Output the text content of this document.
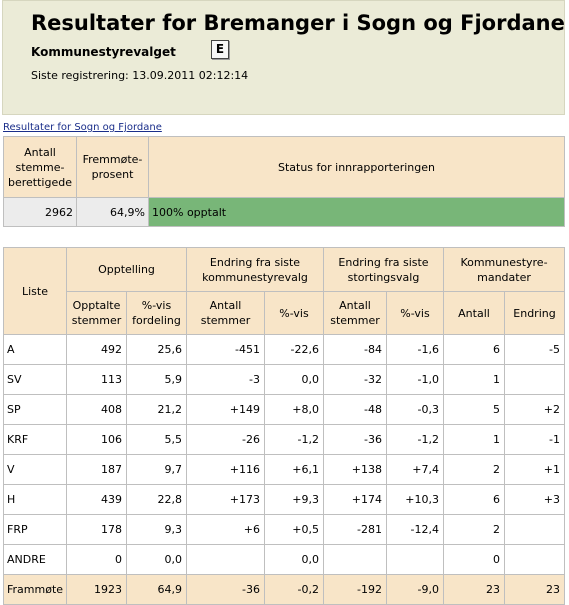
Resultater for Bremanger i Sogn og Fjordane
Kommunestyrevalget	E
Siste registrering: 13.09.2011 02:12:14
Resultater for Sogn og Fjordane
Antall stemme-berettigede	Fremmøte-prosent	Status for innrapporteringen
2962	64,9%	100% opptalt
Liste	Opptelling		Endring fra siste kommunestyrevalg		Endring fra siste stortingsvalg		Kommunestyre-mandater	
	Opptalte stemmer	%-vis fordeling	Antall stemmer	%-vis	Antall stemmer	%-vis	Antall	Endring
A	492	25,6	-451	-22,6	-84	-1,6	6	-5
SV	113	5,9	-3	0,0	-32	-1,0	1	
SP	408	21,2	+149	+8,0	-48	-0,3	5	+2
KRF	106	5,5	-26	-1,2	-36	-1,2	1	-1
V	187	9,7	+116	+6,1	+138	+7,4	2	+1
H	439	22,8	+173	+9,3	+174	+10,3	6	+3
FRP	178	9,3	+6	+0,5	-281	-12,4	2	
ANDRE	0	0,0		0,0			0	
Frammøte	1923	64,9	-36	-0,2	-192	-9,0	23	23
